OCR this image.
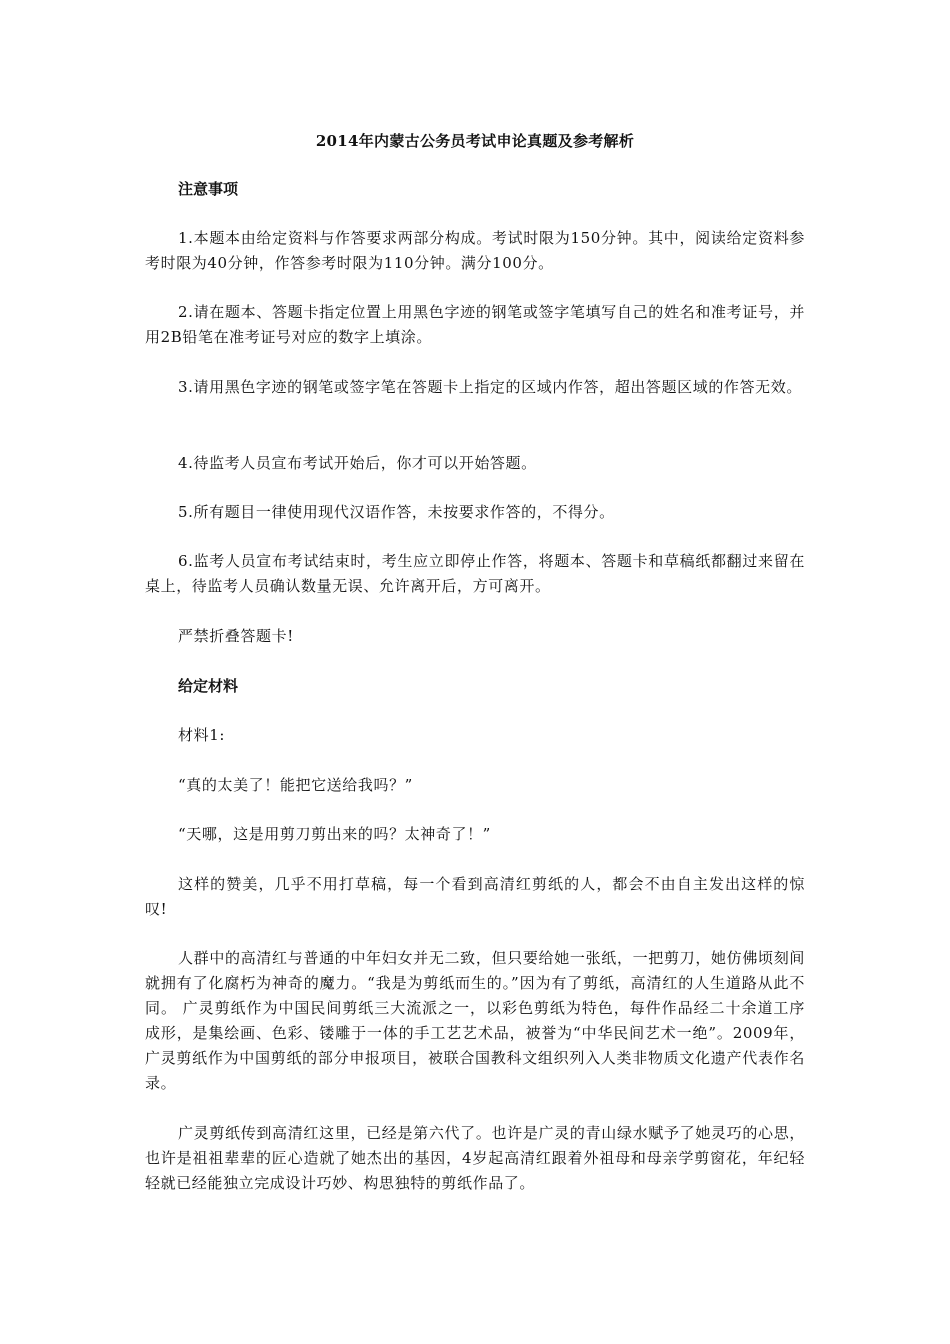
2014年内蒙古公务员考试申论真题及参考解析
注意事项

1.本题本由给定资料与作答要求两部分构成。考试时限为150分钟。其中，阅读给定资料参考时限为40分钟，作答参考时限为110分钟。满分100分。

2.请在题本、答题卡指定位置上用黑色字迹的钢笔或签字笔填写自己的姓名和准考证号，并用2B铅笔在准考证号对应的数字上填涂。

3.请用黑色字迹的钢笔或签字笔在答题卡上指定的区域内作答，超出答题区域的作答无效。

4.待监考人员宣布考试开始后，你才可以开始答题。

5.所有题目一律使用现代汉语作答，未按要求作答的，不得分。

6.监考人员宣布考试结束时，考生应立即停止作答，将题本、答题卡和草稿纸都翻过来留在桌上，待监考人员确认数量无误、允许离开后，方可离开。

严禁折叠答题卡!
给定材料
材料1:
“真的太美了！能把它送给我吗？”
“天哪，这是用剪刀剪出来的吗？太神奇了！”

这样的赞美，几乎不用打草稿，每一个看到高清红剪纸的人，都会不由自主发出这样的惊叹!

人群中的高清红与普通的中年妇女并无二致，但只要给她一张纸，一把剪刀，她仿佛顷刻间就拥有了化腐朽为神奇的魔力。“我是为剪纸而生的。”因为有了剪纸，高清红的人生道路从此不同。 广灵剪纸作为中国民间剪纸三大流派之一，以彩色剪纸为特色，每件作品经二十余道工序成形，是集绘画、色彩、镂雕于一体的手工艺艺术品，被誉为“中华民间艺术一绝”。2009年，广灵剪纸作为中国剪纸的部分申报项目，被联合国教科文组织列入人类非物质文化遗产代表作名录。

广灵剪纸传到高清红这里，已经是第六代了。也许是广灵的青山绿水赋予了她灵巧的心思，也许是祖祖辈辈的匠心造就了她杰出的基因，4岁起高清红跟着外祖母和母亲学剪窗花，年纪轻轻就已经能独立完成设计巧妙、构思独特的剪纸作品了。
